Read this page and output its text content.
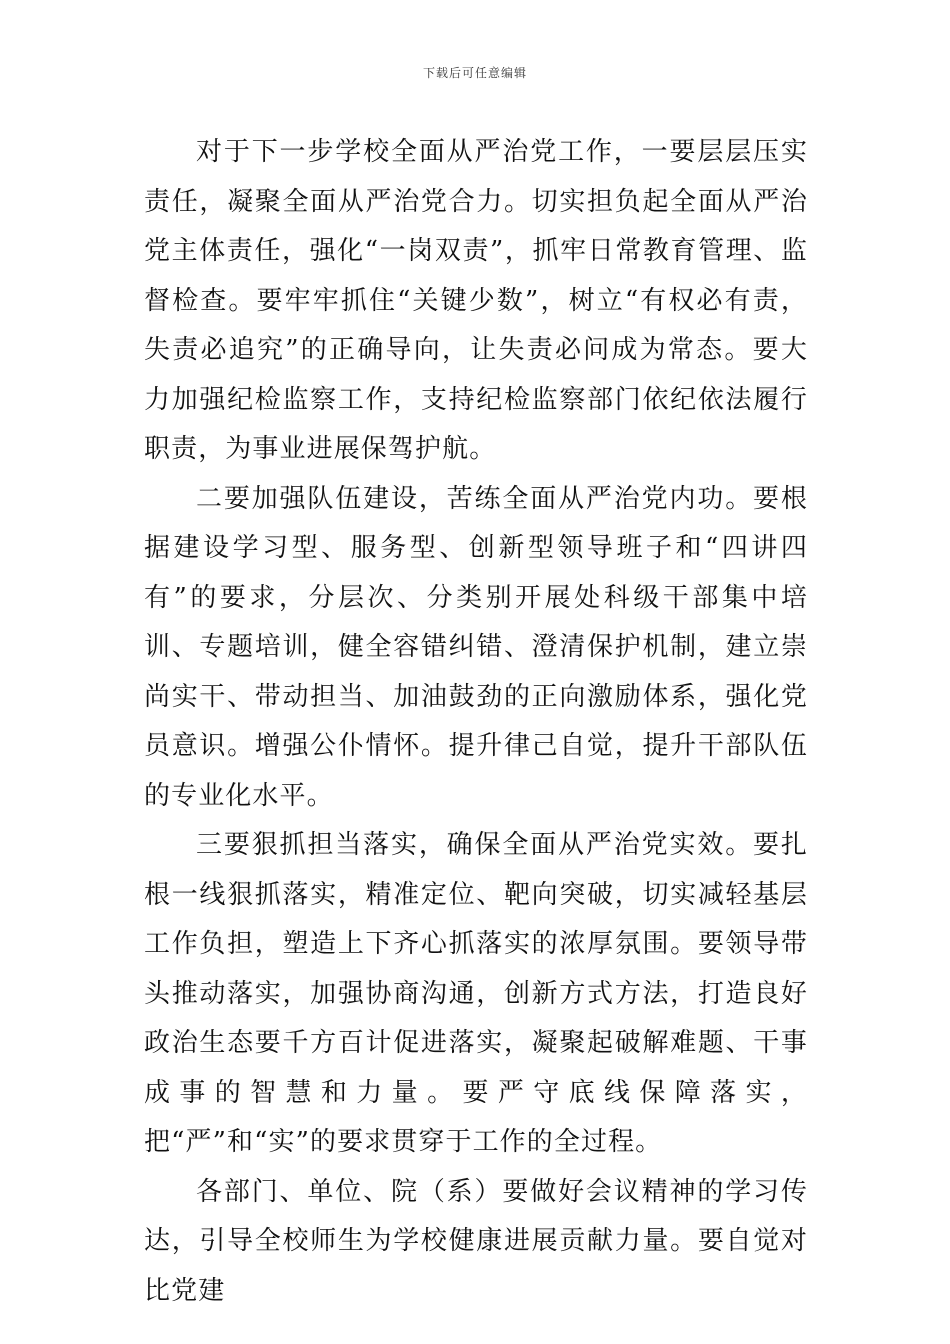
下载后可任意编辑

对于下一步学校全面从严治党工作，一要层层压实责任，凝聚全面从严治党合力。切实担负起全面从严治党主体责任，强化“一岗双责”，抓牢日常教育管理、监督检查。要牢牢抓住“关键少数”，树立“有权必有责，失责必追究”的正确导向，让失责必问成为常态。要大力加强纪检监察工作，支持纪检监察部门依纪依法履行职责，为事业进展保驾护航。

二要加强队伍建设，苦练全面从严治党内功。要根据建设学习型、服务型、创新型领导班子和“四讲四有”的要求，分层次、分类别开展处科级干部集中培训、专题培训，健全容错纠错、澄清保护机制，建立崇尚实干、带动担当、加油鼓劲的正向激励体系，强化党员意识。增强公仆情怀。提升律己自觉，提升干部队伍的专业化水平。

三要狠抓担当落实，确保全面从严治党实效。要扎根一线狠抓落实，精准定位、靶向突破，切实减轻基层工作负担，塑造上下齐心抓落实的浓厚氛围。要领导带头推动落实，加强协商沟通，创新方式方法，打造良好政治生态要千方百计促进落实，凝聚起破解难题、干事成事的智慧和力量。要严守底线保障落实，把“严”和“实”的要求贯穿于工作的全过程。

各部门、单位、院（系）要做好会议精神的学习传达，引导全校师生为学校健康进展贡献力量。要自觉对比党建
